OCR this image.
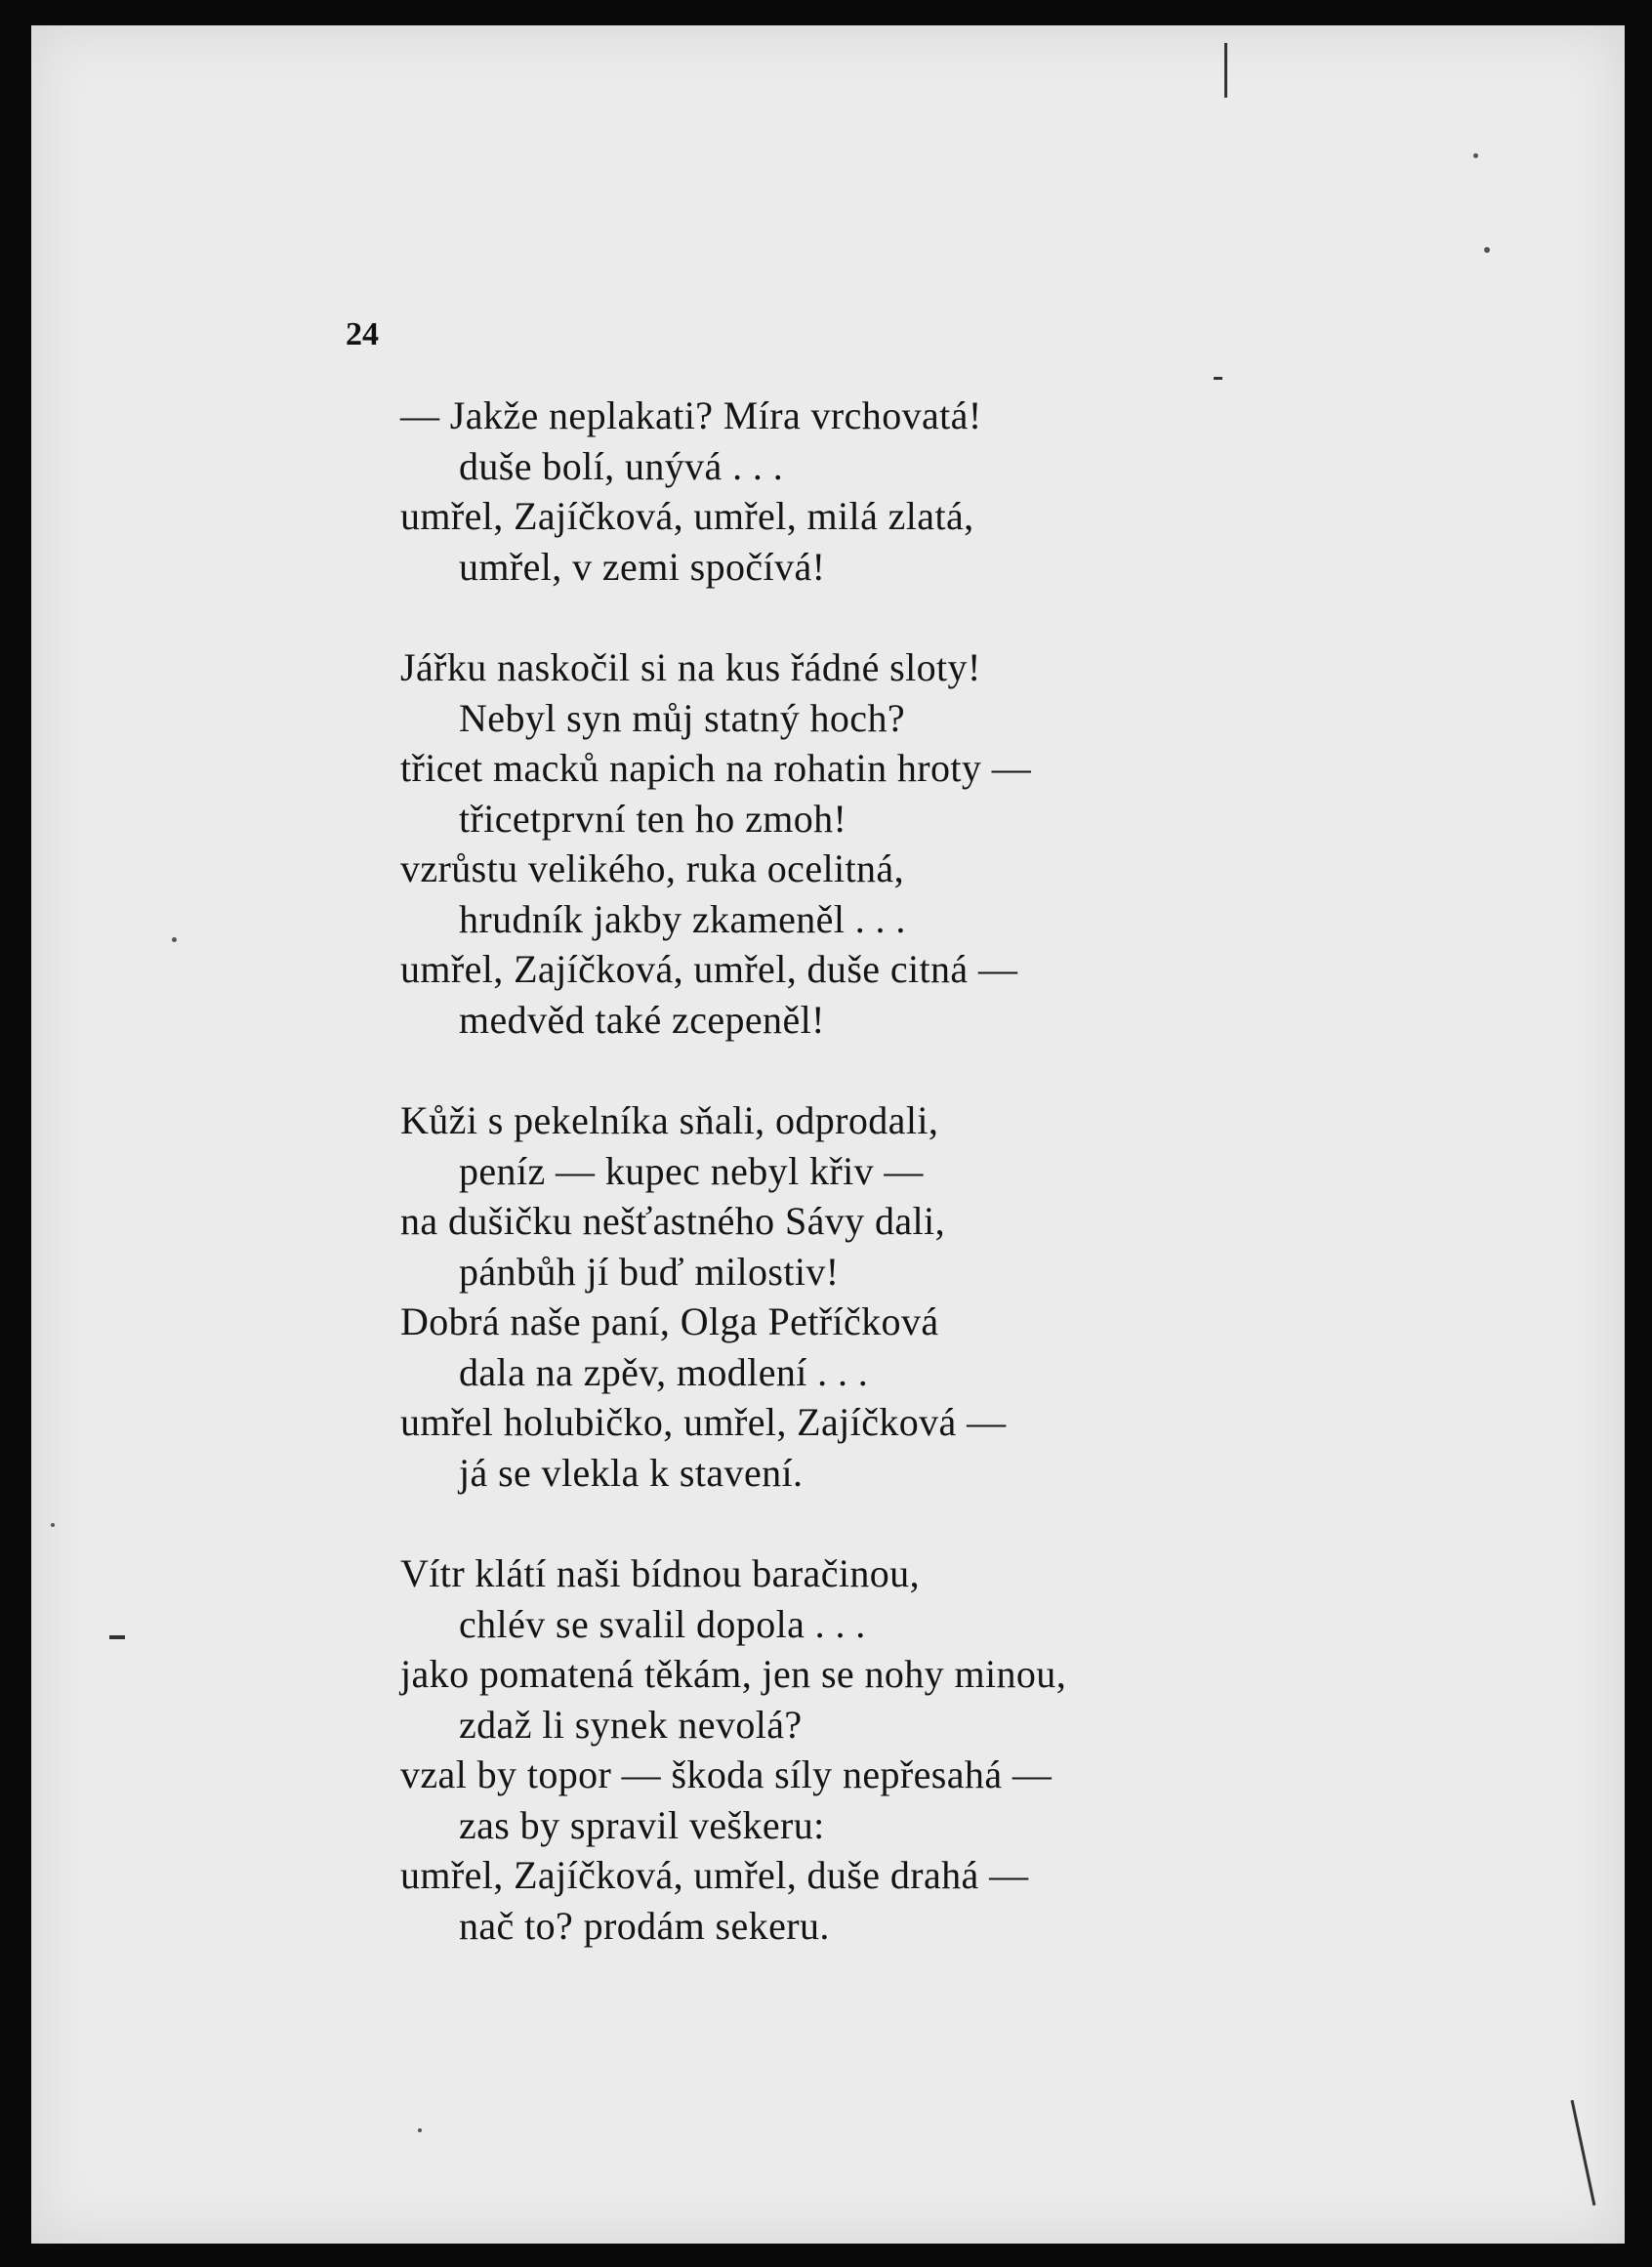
24
— Jakže neplakati? Míra vrchovatá!
duše bolí, unývá . . .
umřel, Zajíčková, umřel, milá zlatá,
umřel, v zemi spočívá!
Jářku naskočil si na kus řádné sloty!
Nebyl syn můj statný hoch?
třicet macků napich na rohatin hroty —
třicetprvní ten ho zmoh!
vzrůstu velikého, ruka ocelitná,
hrudník jakby zkameněl . . .
umřel, Zajíčková, umřel, duše citná —
medvěd také zcepeněl!
Kůži s pekelníka sňali, odprodali,
peníz — kupec nebyl křiv —
na dušičku nešťastného Sávy dali,
pánbůh jí buď milostiv!
Dobrá naše paní, Olga Petříčková
dala na zpěv, modlení . . .
umřel holubičko, umřel, Zajíčková —
já se vlekla k stavení.
Vítr klátí naši bídnou baračinou,
chlév se svalil dopola . . .
jako pomatená těkám, jen se nohy minou,
zdaž li synek nevolá?
vzal by topor — škoda síly nepřesahá —
zas by spravil veškeru:
umřel, Zajíčková, umřel, duše drahá —
nač to? prodám sekeru.
